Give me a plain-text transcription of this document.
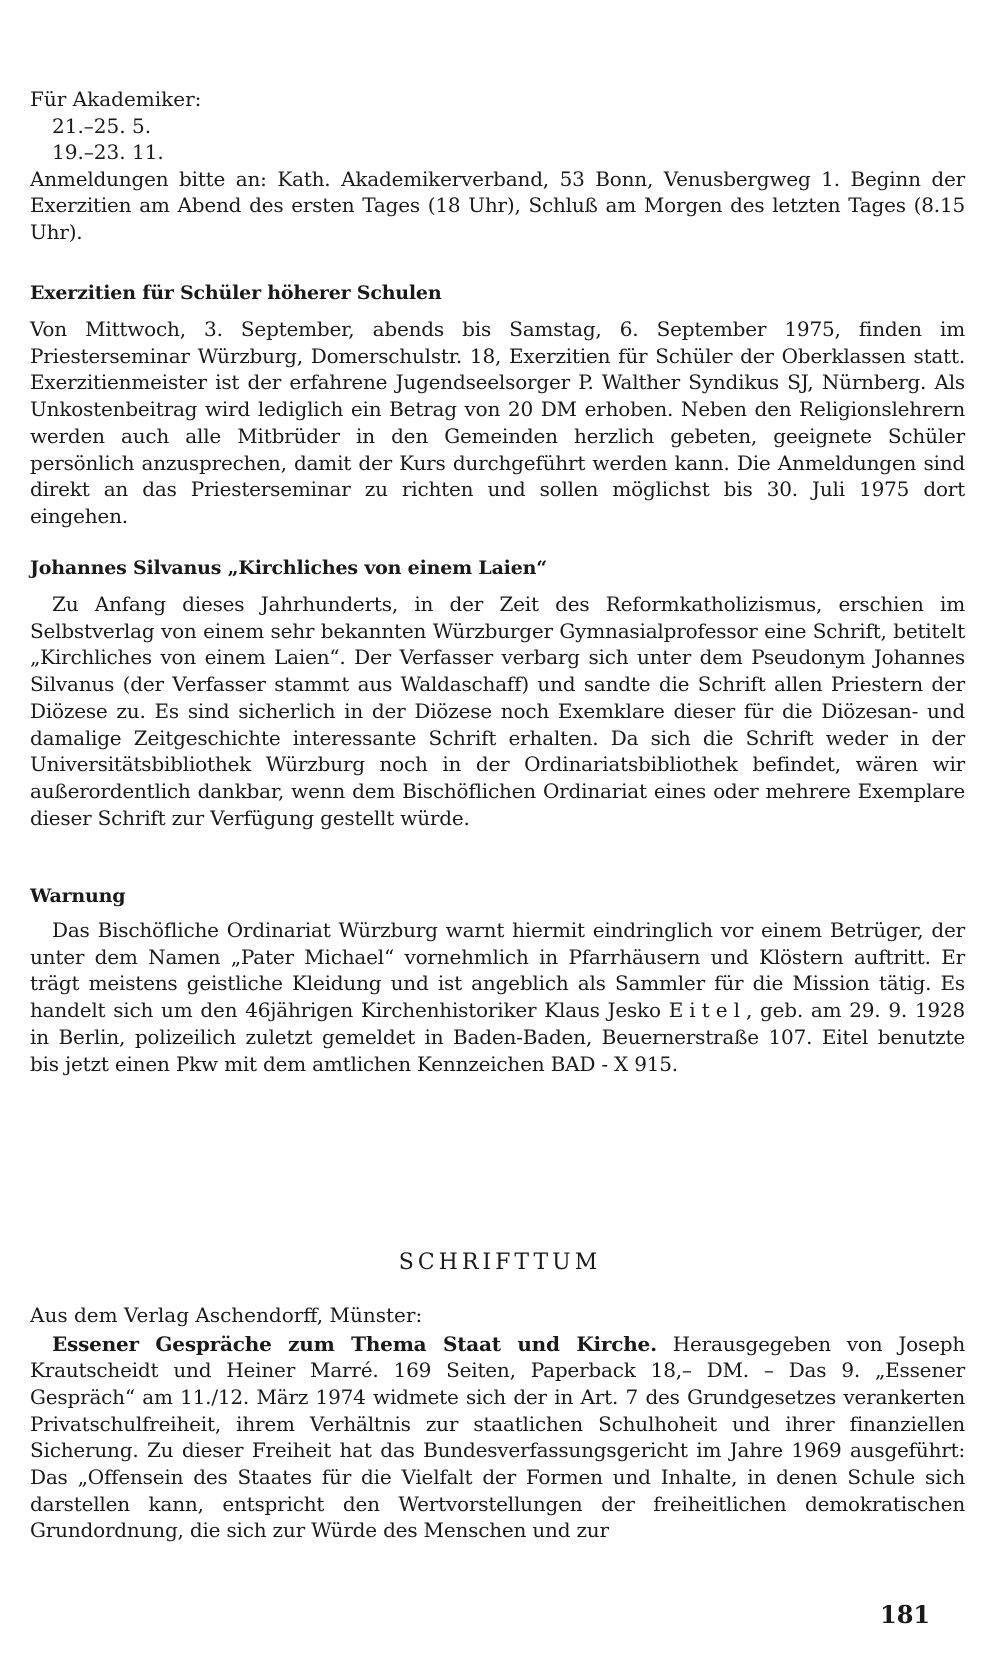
Für Akademiker:
21.–25. 5.
19.–23. 11.

Anmeldungen bitte an: Kath. Akademikerverband, 53 Bonn, Venusbergweg 1. Beginn der Exerzitien am Abend des ersten Tages (18 Uhr), Schluß am Morgen des letzten Tages (8.15 Uhr).

Exerzitien für Schüler höherer Schulen

Von Mittwoch, 3. September, abends bis Samstag, 6. September 1975, finden im Priesterseminar Würzburg, Domerschulstr. 18, Exerzitien für Schüler der Oberklassen statt. Exerzitienmeister ist der erfahrene Jugendseelsorger P. Walther Syndikus SJ, Nürnberg. Als Unkostenbeitrag wird lediglich ein Betrag von 20 DM erhoben. Neben den Religionslehrern werden auch alle Mitbrüder in den Gemeinden herzlich gebeten, geeignete Schüler persönlich anzusprechen, damit der Kurs durchgeführt werden kann. Die Anmeldungen sind direkt an das Priesterseminar zu richten und sollen möglichst bis 30. Juli 1975 dort eingehen.

Johannes Silvanus „Kirchliches von einem Laien“

Zu Anfang dieses Jahrhunderts, in der Zeit des Reformkatholizismus, erschien im Selbstverlag von einem sehr bekannten Würzburger Gymnasialprofessor eine Schrift, betitelt „Kirchliches von einem Laien“. Der Verfasser verbarg sich unter dem Pseudonym Johannes Silvanus (der Verfasser stammt aus Waldaschaff) und sandte die Schrift allen Priestern der Diözese zu. Es sind sicherlich in der Diözese noch Exemklare dieser für die Diözesan- und damalige Zeitgeschichte interessante Schrift erhalten. Da sich die Schrift weder in der Universitätsbibliothek Würzburg noch in der Ordinariatsbibliothek befindet, wären wir außerordentlich dankbar, wenn dem Bischöflichen Ordinariat eines oder mehrere Exemplare dieser Schrift zur Verfügung gestellt würde.

Warnung

Das Bischöfliche Ordinariat Würzburg warnt hiermit eindringlich vor einem Betrüger, der unter dem Namen „Pater Michael“ vornehmlich in Pfarrhäusern und Klöstern auftritt. Er trägt meistens geistliche Kleidung und ist angeblich als Sammler für die Mission tätig. Es handelt sich um den 46jährigen Kirchenhistoriker Klaus Jesko Eitel, geb. am 29. 9. 1928 in Berlin, polizeilich zuletzt gemeldet in Baden-Baden, Beuernerstraße 107. Eitel benutzte bis jetzt einen Pkw mit dem amtlichen Kennzeichen BAD - X 915.

SCHRIFTTUM
Aus dem Verlag Aschendorff, Münster:

Essener Gespräche zum Thema Staat und Kirche. Herausgegeben von Joseph Krautscheidt und Heiner Marré. 169 Seiten, Paperback 18,– DM. – Das 9. „Essener Gespräch“ am 11./12. März 1974 widmete sich der in Art. 7 des Grundgesetzes verankerten Privatschulfreiheit, ihrem Verhältnis zur staatlichen Schulhoheit und ihrer finanziellen Sicherung. Zu dieser Freiheit hat das Bundesverfassungsgericht im Jahre 1969 ausgeführt: Das „Offensein des Staates für die Vielfalt der Formen und Inhalte, in denen Schule sich darstellen kann, entspricht den Wertvorstellungen der freiheitlichen demokratischen Grundordnung, die sich zur Würde des Menschen und zur

181
